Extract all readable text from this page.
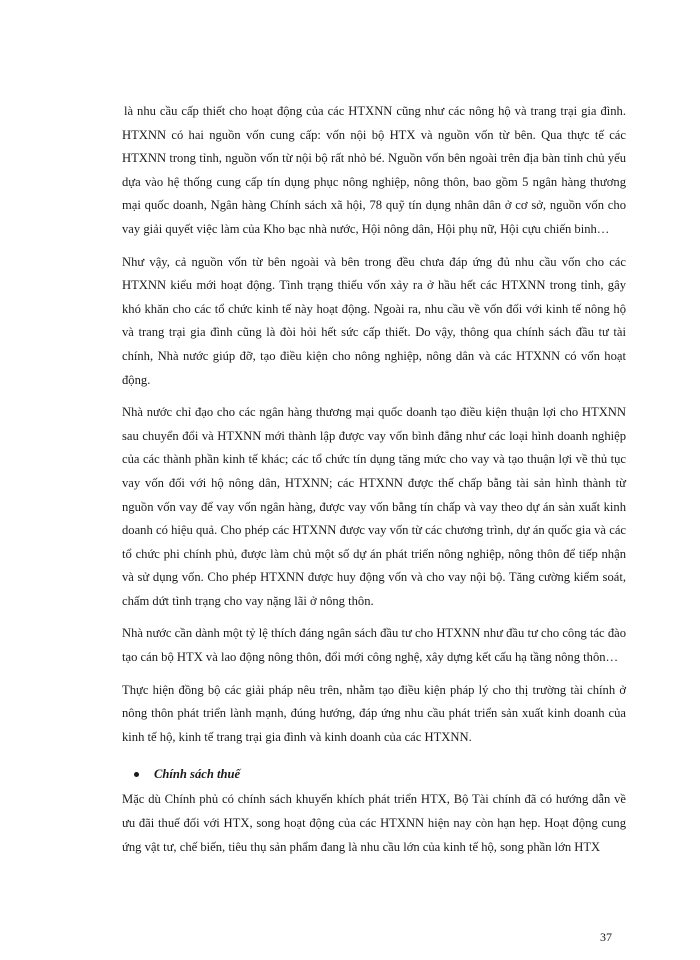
là nhu cầu cấp thiết cho hoạt động của các HTXNN cũng như các nông hộ và trang trại gia đình. HTXNN có hai nguồn vốn cung cấp: vốn nội bộ HTX và nguồn vốn từ bên. Qua thực tế các HTXNN trong tỉnh, nguồn vốn từ nội bộ rất nhỏ bé. Nguồn vốn bên ngoài trên địa bàn tỉnh chủ yếu dựa vào hệ thống cung cấp tín dụng phục nông nghiệp, nông thôn, bao gồm 5 ngân hàng thương mại quốc doanh, Ngân hàng Chính sách xã hội, 78 quỹ tín dụng nhân dân ở cơ sở, nguồn vốn cho vay giải quyết việc làm của Kho bạc nhà nước, Hội nông dân, Hội phụ nữ, Hội cựu chiến binh…

Như vậy, cả nguồn vốn từ bên ngoài và bên trong đều chưa đáp ứng đủ nhu cầu vốn cho các HTXNN kiểu mới hoạt động. Tình trạng thiếu vốn xảy ra ở hầu hết các HTXNN trong tỉnh, gây khó khăn cho các tổ chức kinh tế này hoạt động. Ngoài ra, nhu cầu về vốn đối với kinh tế nông hộ và trang trại gia đình cũng là đòi hỏi hết sức cấp thiết. Do vậy, thông qua chính sách đầu tư tài chính, Nhà nước giúp đỡ, tạo điều kiện cho nông nghiệp, nông dân và các HTXNN có vốn hoạt động.

Nhà nước chỉ đạo cho các ngân hàng thương mại quốc doanh tạo điều kiện thuận lợi cho HTXNN sau chuyển đổi và HTXNN mới thành lập được vay vốn bình đẳng như các loại hình doanh nghiệp của các thành phần kinh tế khác; các tổ chức tín dụng tăng mức cho vay và tạo thuận lợi về thủ tục vay vốn đối với hộ nông dân, HTXNN; các HTXNN được thế chấp bằng tài sản hình thành từ nguồn vốn vay để vay vốn ngân hàng, được vay vốn bằng tín chấp và vay theo dự án sản xuất kinh doanh có hiệu quả. Cho phép các HTXNN được vay vốn từ các chương trình, dự án quốc gia và các tổ chức phi chính phủ, được làm chủ một số dự án phát triển nông nghiệp, nông thôn để tiếp nhận và sử dụng vốn. Cho phép HTXNN được huy động vốn và cho vay nội bộ. Tăng cường kiểm soát, chấm dứt tình trạng cho vay nặng lãi ở nông thôn.

Nhà nước cần dành một tỷ lệ thích đáng ngân sách đầu tư cho HTXNN như đầu tư cho công tác đào tạo cán bộ HTX và lao động nông thôn, đổi mới công nghệ, xây dựng kết cấu hạ tầng nông thôn…

Thực hiện đồng bộ các giải pháp nêu trên, nhằm tạo điều kiện pháp lý cho thị trường tài chính ở nông thôn phát triển lành mạnh, đúng hướng, đáp ứng nhu cầu phát triển sản xuất kinh doanh của kinh tế hộ, kinh tế trang trại gia đình và kinh doanh của các HTXNN.

Chính sách thuế

Mặc dù Chính phủ có chính sách khuyến khích phát triển HTX, Bộ Tài chính đã có hướng dẫn về ưu đãi thuế đối với HTX, song hoạt động của các HTXNN hiện nay còn hạn hẹp. Hoạt động cung ứng vật tư, chế biến, tiêu thụ sản phẩm đang là nhu cầu lớn của kinh tế hộ, song phần lớn HTX

37
